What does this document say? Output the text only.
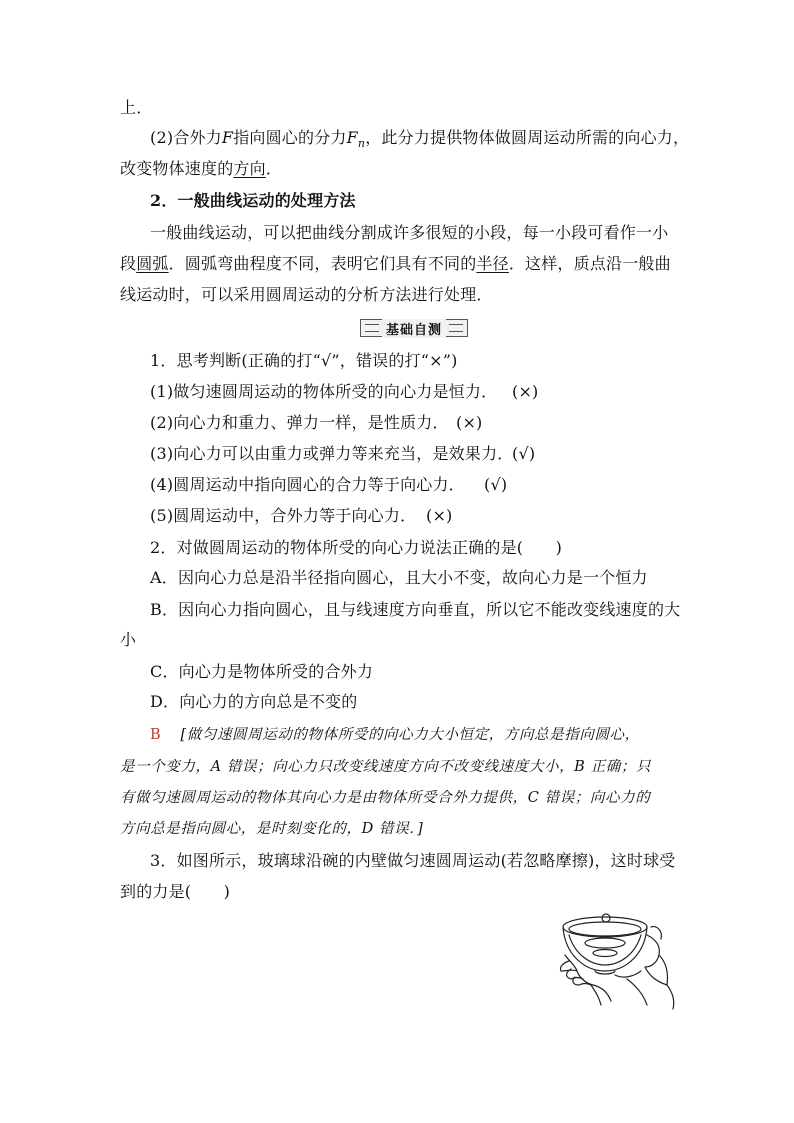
上．
(2)合外力F指向圆心的分力$F_n$，此分力提供物体做圆周运动所需的向心力，
改变物体速度的方向．
2．一般曲线运动的处理方法
一般曲线运动，可以把曲线分割成许多很短的小段，每一小段可看作一小
段圆弧．圆弧弯曲程度不同，表明它们具有不同的半径．这样，质点沿一般曲
线运动时，可以采用圆周运动的分析方法进行处理．
基础自测
1．思考判断(正确的打“√”，错误的打“×”)
(1)做匀速圆周运动的物体所受的向心力是恒力． (×)
(2)向心力和重力、弹力一样，是性质力． (×)
(3)向心力可以由重力或弹力等来充当，是效果力．
(√)
(4)圆周运动中指向圆心的合力等于向心力． (√)
(5)圆周运动中，合外力等于向心力． (×)
2．对做圆周运动的物体所受的向心力说法正确的是(　　)
A．因向心力总是沿半径指向圆心，且大小不变，故向心力是一个恒力
B．因向心力指向圆心，且与线速度方向垂直，所以它不能改变线速度的大
小
C．向心力是物体所受的合外力
D．向心力的方向总是不变的
B [做匀速圆周运动的物体所受的向心力大小恒定，方向总是指向圆心，
是一个变力，A 错误；向心力只改变线速度方向不改变线速度大小，B 正确；只
有做匀速圆周运动的物体其向心力是由物体所受合外力提供，C 错误；向心力的
方向总是指向圆心，是时刻变化的，D 错误．]
3．如图所示，玻璃球沿碗的内壁做匀速圆周运动(若忽略摩擦)，这时球受
到的力是(　　)
